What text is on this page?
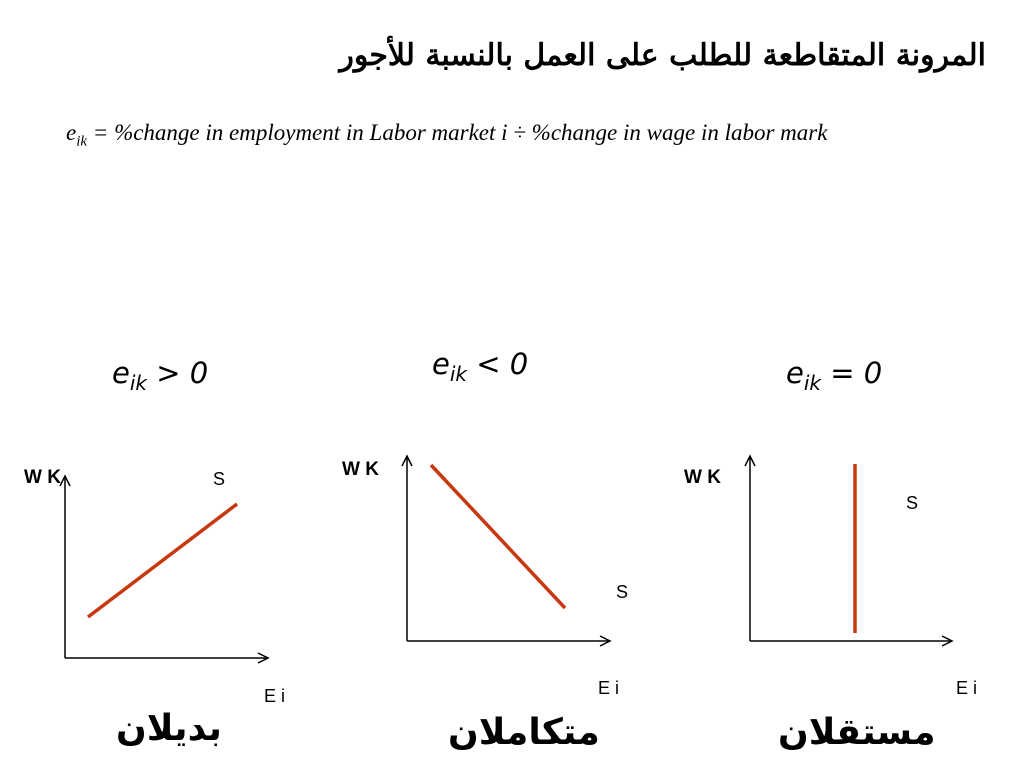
المرونة المتقاطعة للطلب على العمل بالنسبة للأجور
$e_{ik}$ = %change in employment in Labor market i ÷ %change in wage in labor mark
$e_{ik} > 0$
W K	S
E i
بديلان
$e_{ik} < 0$
W K
S
E i
متكاملان
$e_{ik} = 0$
W K
S
E i
مستقلان
